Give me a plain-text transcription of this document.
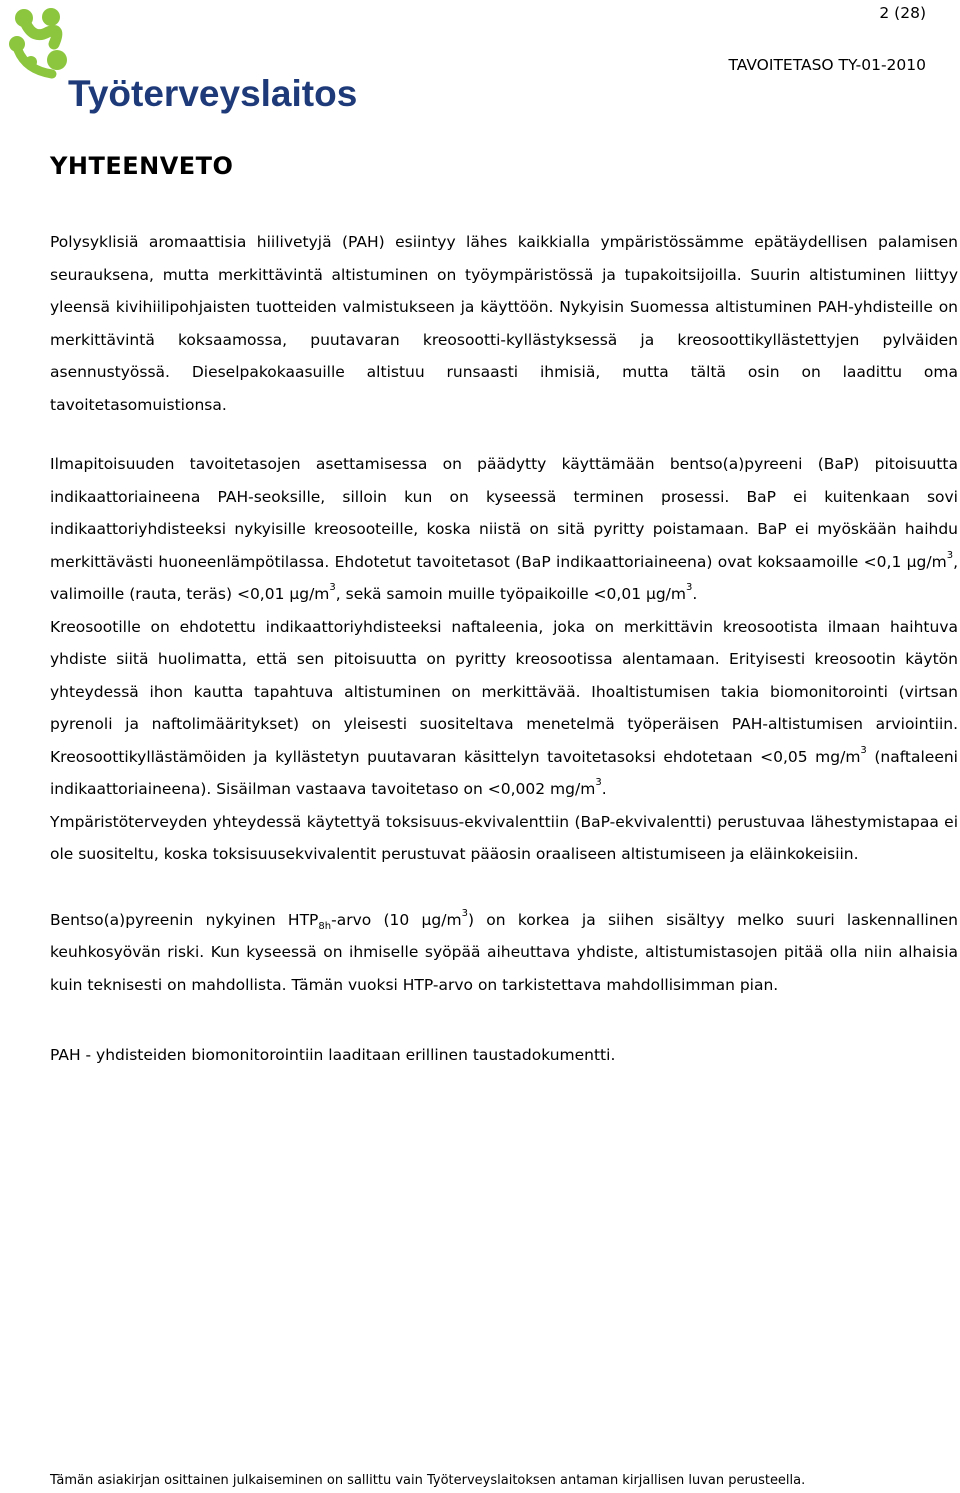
Työterveyslaitos
2 (28)
TAVOITETASO TY-01-2010
YHTEENVETO

Polysyklisiä aromaattisia hiilivetyjä (PAH) esiintyy lähes kaikkialla ympäristössämme epätäydellisen palamisen seurauksena, mutta merkittävintä altistuminen on työympäristössä ja tupakoitsijoilla. Suurin altistuminen liittyy yleensä kivihiilipohjaisten tuotteiden valmistukseen ja käyttöön. Nykyisin Suomessa altistuminen PAH-yhdisteille on merkittävintä koksaamossa, puutavaran kreosootti-kyllästyksessä ja kreosoottikyllästettyjen pylväiden asennustyössä. Dieselpakokaasuille altistuu runsaasti ihmisiä, mutta tältä osin on laadittu oma tavoitetasomuistionsa.

Ilmapitoisuuden tavoitetasojen asettamisessa on päädytty käyttämään bentso(a)pyreeni (BaP) pitoisuutta indikaattoriaineena PAH-seoksille, silloin kun on kyseessä terminen prosessi. BaP ei kuitenkaan sovi indikaattoriyhdisteeksi nykyisille kreosooteille, koska niistä on sitä pyritty poistamaan. BaP ei myöskään haihdu merkittävästi huoneenlämpötilassa. Ehdotetut tavoitetasot (BaP indikaattoriaineena) ovat koksaamoille <0,1 $\mu g/m^3$, valimoille (rauta, teräs) <0,01 $\mu g/m^3$, sekä samoin muille työpaikoille <0,01 $\mu g/m^3$.

Kreosootille on ehdotettu indikaattoriyhdisteeksi naftaleenia, joka on merkittävin kreosootista ilmaan haihtuva yhdiste siitä huolimatta, että sen pitoisuutta on pyritty kreosootissa alentamaan. Erityisesti kreosootin käytön yhteydessä ihon kautta tapahtuva altistuminen on merkittävää. Ihoaltistumisen takia biomonitorointi (virtsan pyrenoli ja naftolimääritykset) on yleisesti suositeltava menetelmä työperäisen PAH-altistumisen arviointiin. Kreosoottikyllästämöiden ja kyllästetyn puutavaran käsittelyn tavoitetasoksi ehdotetaan <0,05 $mg/m^3$ (naftaleeni indikaattoriaineena). Sisäilman vastaava tavoitetaso on <0,002 $mg/m^3$.

Ympäristöterveyden yhteydessä käytettyä toksisuus-ekvivalenttiin (BaP-ekvivalentti) perustuvaa lähestymistapaa ei ole suositeltu, koska toksisuusekvivalentit perustuvat pääosin oraaliseen altistumiseen ja eläinkokeisiin.

Bentso(a)pyreenin nykyinen $HTP_{8h}$-arvo (10 $\mu g/m^3$) on korkea ja siihen sisältyy melko suuri laskennallinen keuhkosyövän riski. Kun kyseessä on ihmiselle syöpää aiheuttava yhdiste, altistumistasojen pitää olla niin alhaisia kuin teknisesti on mahdollista. Tämän vuoksi HTP-arvo on tarkistettava mahdollisimman pian.

PAH - yhdisteiden biomonitorointiin laaditaan erillinen taustadokumentti.

Tämän asiakirjan osittainen julkaiseminen on sallittu vain Työterveyslaitoksen antaman kirjallisen luvan perusteella.
